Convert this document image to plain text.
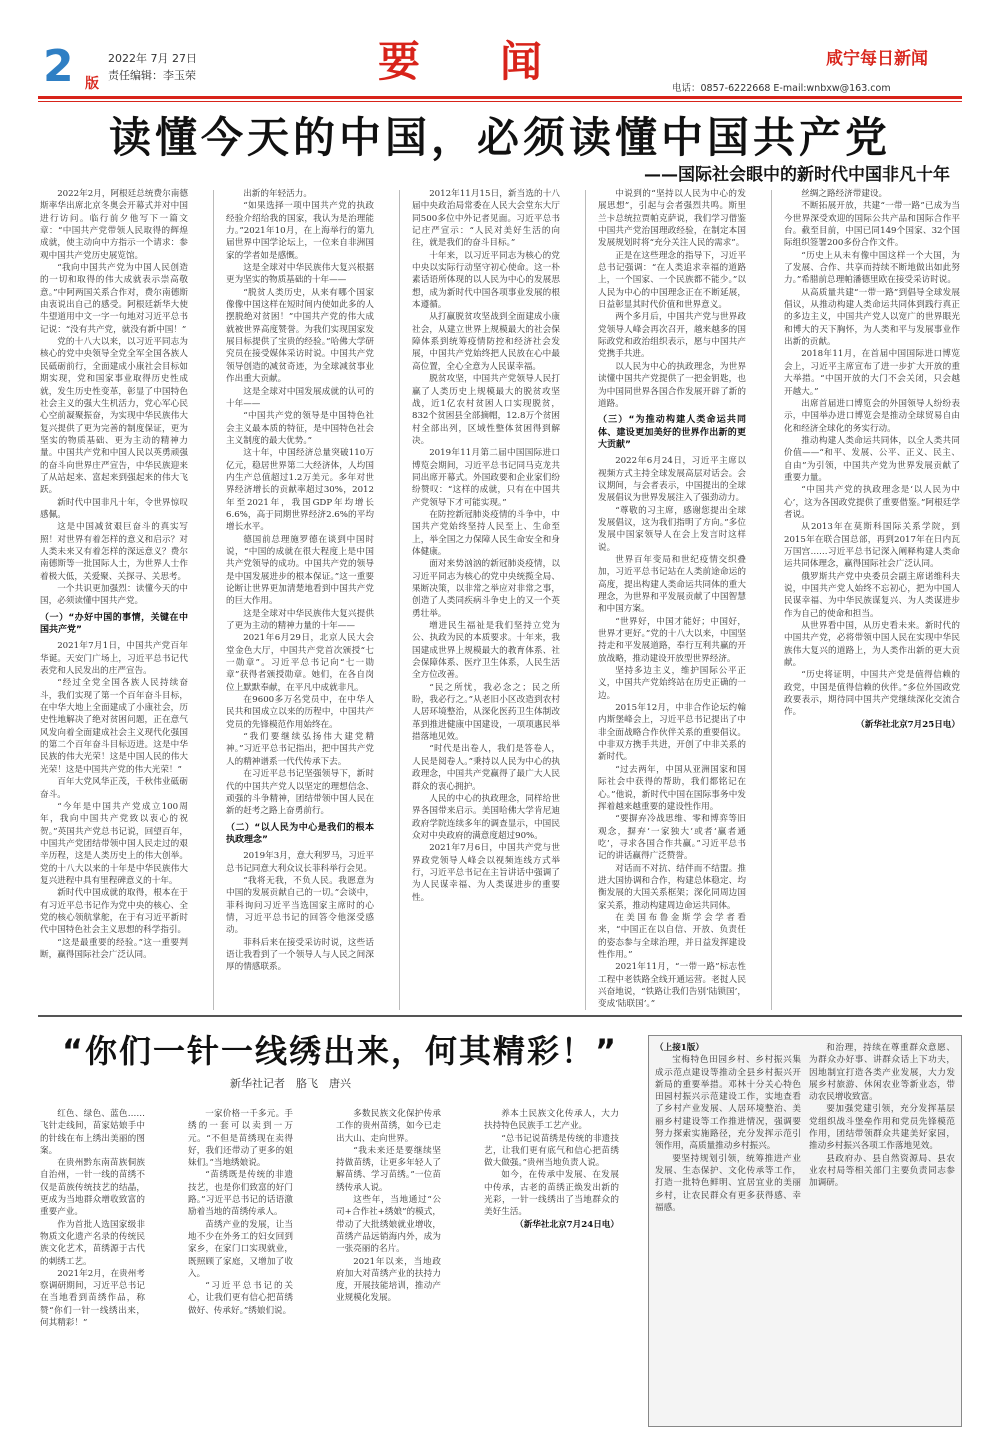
2 版
2022年 7月 27日
责任编辑：李玉荣	要闻	咸宁每日新闻
电话：0857-6222668 E-mail:wnbxw@163.com
读懂今天的中国，必须读懂中国共产党
——国际社会眼中的新时代中国非凡十年

2022年2月，阿根廷总统费尔南德斯率华出席北京冬奥会开幕式并对中国进行访问。临行前夕他写下一篇文章：“中国共产党带领人民取得的辉煌成就，使主动向中方指示一个请求：参观中国共产党历史展览馆。

“我向中国共产党为中国人民创造的一切和取得的伟大成就表示崇高敬意。”中阿两国关系合作对，费尔南德斯由衷说出自己的感受。阿根廷新华大使牛望道用中文一字一句地对习近平总书记说：“没有共产党，就没有新中国！”

党的十八大以来，以习近平同志为核心的党中央领导全党全军全国各族人民砥砺前行，全面建成小康社会目标如期实现，党和国家事业取得历史性成就，发生历史性变革，彰显了中国特色社会主义的强大生机活力，党心军心民心空前凝聚振奋，为实现中华民族伟大复兴提供了更为完善的制度保证，更为坚实的物质基础、更为主动的精神力量。中国共产党和中国人民以英勇顽强的奋斗向世界庄严宣告，中华民族迎来了从站起来、富起来到强起来的伟大飞跃。

新时代中国非凡十年，令世界惊叹感佩。

这是中国减贫艰巨奋斗的真实写照！对世界有着怎样的意义和启示？对人类未来又有着怎样的深远意义？费尔南德斯等一批国际人士，为世界人士作着极大低，关爱聚、关探寻、关思考。

一个共识更加强烈：读懂今天的中国，必须读懂中国共产党。

（一）“办好中国的事情，关键在中国共产党”

2021年7月1日，中国共产党百年华诞。天安门广场上，习近平总书记代表党和人民发出的庄严宣告。

“经过全党全国各族人民持续奋斗，我们实现了第一个百年奋斗目标，在中华大地上全面建成了小康社会，历史性地解决了绝对贫困问题，正在意气风发向着全面建成社会主义现代化强国的第二个百年奋斗目标迈进。这是中华民族的伟大光荣！这是中国人民的伟大光荣！这是中国共产党的伟大光荣！”

百年大党风华正茂，千秋伟业砥砺奋斗。

“今年是中国共产党成立100周年，我向中国共产党致以衷心的祝贺。”英国共产党总书记说，回望百年，中国共产党团结带领中国人民走过的艰辛历程，这是人类历史上的伟大创举。党的十八大以来的十年是中华民族伟大复兴进程中具有里程碑意义的十年。

新时代中国成就的取得，根本在于有习近平总书记作为党中央的核心、全党的核心领航掌舵，在于有习近平新时代中国特色社会主义思想的科学指引。

“这是最重要的经验。”这一重要判断，赢得国际社会广泛认同。

出新的年轻活力。

“如果选择一项中国共产党的执政经验介绍给我的国家，我认为是治理能力。”2021年10月，在上海举行的第九届世界中国学论坛上，一位来自非洲国家的学者如是感慨。

这是全球对中华民族伟大复兴根据更为坚实的物质基础的十年——

“脱贫人类历史，从来有哪个国家像像中国这样在短时间内使如此多的人摆脱绝对贫困！”中国共产党的伟大成就被世界高度赞誉。为我们实现国家发展目标提供了宝贵的经验。”哈佛大学研究员在接受媒体采访时说。中国共产党领导创造的减贫奇迹，为全球减贫事业作出重大贡献。

这是全球对中国发展成就的认可的十年——

“中国共产党的领导是中国特色社会主义最本质的特征，是中国特色社会主义制度的最大优势。”

这十年，中国经济总量突破110万亿元，稳居世界第二大经济体，人均国内生产总值超过1.2万美元。多年对世界经济增长的贡献率超过30%，2012年至2021年，我国GDP年均增长6.6%，高于同期世界经济2.6%的平均增长水平。

德国前总理施罗德在谈到中国时说，“中国的成就在很大程度上是中国共产党领导的成功。中国共产党的领导是中国发展进步的根本保证。”这一重要论断让世界更加清楚地看到中国共产党的巨大作用。

这是全球对中华民族伟大复兴提供了更为主动的精神力量的十年——

2021年6月29日，北京人民大会堂金色大厅，中国共产党首次颁授“七一勋章”。习近平总书记向“七一勋章”获得者颁授勋章。她们，在各自岗位上默默奉献，在平凡中成就非凡。

在9600多万名党员中，在中华人民共和国成立以来的历程中，中国共产党员的先锋模范作用始终在。

“我们要继续弘扬伟大建党精神。”习近平总书记指出，把中国共产党人的精神谱系一代代传承下去。

在习近平总书记坚强领导下，新时代的中国共产党人以坚定的理想信念、顽强的斗争精神，团结带领中国人民在新的赶考之路上奋勇前行。

（二）“以人民为中心是我们的根本执政理念”

2019年3月，意大利罗马，习近平总书记同意大利众议长菲科举行会见。

“我将无我，不负人民。我愿意为中国的发展贡献自己的一切。”会谈中，菲科询问习近平当选国家主席时的心情，习近平总书记的回答令他深受感动。

菲科后来在接受采访时说，这些话语让我看到了一个领导人与人民之间深厚的情感联系。

2012年11月15日，新当选的十八届中央政治局常委在人民大会堂东大厅同500多位中外记者见面。习近平总书记庄严宣示：“人民对美好生活的向往，就是我们的奋斗目标。”

十年来，以习近平同志为核心的党中央以实际行动坚守初心使命。这一朴素话语所体现的以人民为中心的发展思想，成为新时代中国各项事业发展的根本遵循。

从打赢脱贫攻坚战到全面建成小康社会，从建立世界上规模最大的社会保障体系到统筹疫情防控和经济社会发展，中国共产党始终把人民放在心中最高位置，全心全意为人民谋幸福。

脱贫攻坚，中国共产党领导人民打赢了人类历史上规模最大的脱贫攻坚战，近1亿农村贫困人口实现脱贫，832个贫困县全部摘帽，12.8万个贫困村全部出列，区域性整体贫困得到解决。

2019年11月第二届中国国际进口博览会期间，习近平总书记同马克龙共同出席开幕式。外国政要和企业家们纷纷赞叹：“这样的成就，只有在中国共产党领导下才可能实现。”

在防控新冠肺炎疫情的斗争中，中国共产党始终坚持人民至上、生命至上，举全国之力保障人民生命安全和身体健康。

面对来势汹汹的新冠肺炎疫情，以习近平同志为核心的党中央统揽全局、果断决策，以非常之举应对非常之事，创造了人类同疾病斗争史上的又一个英勇壮举。

增进民生福祉是我们坚持立党为公、执政为民的本质要求。十年来，我国建成世界上规模最大的教育体系、社会保障体系、医疗卫生体系，人民生活全方位改善。

“民之所忧，我必念之；民之所盼，我必行之。”从老旧小区改造到农村人居环境整治，从深化医药卫生体制改革到推进健康中国建设，一项项惠民举措落地见效。

“时代是出卷人，我们是答卷人，人民是阅卷人。”秉持以人民为中心的执政理念，中国共产党赢得了最广大人民群众的衷心拥护。

人民的中心的执政理念，同样给世界各国带来启示。美国哈佛大学肯尼迪政府学院连续多年的调查显示，中国民众对中央政府的满意度超过90%。

2021年7月6日，中国共产党与世界政党领导人峰会以视频连线方式举行，习近平总书记在主旨讲话中强调了为人民谋幸福、为人类谋进步的重要性。

中说到的“坚持以人民为中心的发展思想”，引起与会者强烈共鸣。斯里兰卡总统拉贾帕克萨说，我们学习借鉴中国共产党治国理政经验，在制定本国发展规划时将“充分关注人民的需求”。

正是在这些理念的指导下，习近平总书记强调：“在人类追求幸福的道路上，一个国家、一个民族都不能少。”以人民为中心的中国理念正在不断延展，日益彰显其时代价值和世界意义。

两个多月后，中国共产党与世界政党领导人峰会再次召开，越来越多的国际政党和政治组织表示，愿与中国共产党携手共进。

以人民为中心的执政理念，为世界读懂中国共产党提供了一把金钥匙，也为中国同世界各国合作发展开辟了新的道路。

（三）“为推动构建人类命运共同体、建设更加美好的世界作出新的更大贡献”

2022年6月24日，习近平主席以视频方式主持全球发展高层对话会。会议期间，与会者表示，中国提出的全球发展倡议为世界发展注入了强劲动力。

“尊敬的习主席，感谢您提出全球发展倡议，这为我们指明了方向。”多位发展中国家领导人在会上发言时这样说。

世界百年变局和世纪疫情交织叠加，习近平总书记站在人类前途命运的高度，提出构建人类命运共同体的重大理念，为世界和平发展贡献了中国智慧和中国方案。

“世界好，中国才能好；中国好，世界才更好。”党的十八大以来，中国坚持走和平发展道路，奉行互利共赢的开放战略，推动建设开放型世界经济。

坚持多边主义，维护国际公平正义，中国共产党始终站在历史正确的一边。

2015年12月，中非合作论坛约翰内斯堡峰会上，习近平总书记提出了中非全面战略合作伙伴关系的重要倡议。中非双方携手共进，开创了中非关系的新时代。

“过去两年，中国从亚洲国家和国际社会中获得的帮助，我们都铭记在心。”他说，新时代中国在国际事务中发挥着越来越重要的建设性作用。

“要摒弃冷战思维、零和博弈等旧观念，摒弃‘一家独大’或者‘赢者通吃’，寻求各国合作共赢。”习近平总书记的讲话赢得广泛赞誉。

对话而不对抗、结伴而不结盟。推进大国协调和合作，构建总体稳定、均衡发展的大国关系框架；深化同周边国家关系，推动构建周边命运共同体。

在美国布鲁金斯学会学者看来，“中国正在以自信、开放、负责任的姿态参与全球治理，并日益发挥建设性作用。”

2021年11月，“一带一路”标志性工程中老铁路全线开通运营。老挝人民兴奋地说，“铁路让我们告别‘陆锁国’，变成‘陆联国’。”

丝绸之路经济带建设。

不断拓展开放，共建“一带一路”已成为当今世界深受欢迎的国际公共产品和国际合作平台。截至目前，中国已同149个国家、32个国际组织签署200多份合作文件。

“历史上从未有像中国这样一个大国，为了发展、合作、共享而持续不断地做出如此努力。”希腊前总理帕潘德里欧在接受采访时说。

从高质量共建“一带一路”到倡导全球发展倡议，从推动构建人类命运共同体到践行真正的多边主义，中国共产党人以宽广的世界眼光和博大的天下胸怀，为人类和平与发展事业作出新的贡献。

2018年11月，在首届中国国际进口博览会上，习近平主席宣布了进一步扩大开放的重大举措。“中国开放的大门不会关闭，只会越开越大。”

出席首届进口博览会的外国领导人纷纷表示，中国举办进口博览会是推动全球贸易自由化和经济全球化的务实行动。

推动构建人类命运共同体，以全人类共同价值——“和平、发展、公平、正义、民主、自由”为引领，中国共产党为世界发展贡献了重要力量。

“中国共产党的执政理念是‘以人民为中心’，这为各国政党提供了重要借鉴。”阿根廷学者说。

从2013年在莫斯科国际关系学院，到2015年在联合国总部，再到2017年在日内瓦万国宫……习近平总书记深入阐释构建人类命运共同体理念，赢得国际社会广泛认同。

俄罗斯共产党中央委员会副主席诺维科夫说，中国共产党人始终不忘初心，把为中国人民谋幸福、为中华民族谋复兴、为人类谋进步作为自己的使命和担当。

从世界看中国，从历史看未来。新时代的中国共产党，必将带领中国人民在实现中华民族伟大复兴的道路上，为人类作出新的更大贡献。

“历史将证明，中国共产党是值得信赖的政党，中国是值得信赖的伙伴。”多位外国政党政要表示，期待同中国共产党继续深化交流合作。

（新华社北京7月25日电）

“你们一针一线绣出来，何其精彩！”
新华社记者　胳飞　唐兴

红色、绿色、蓝色……飞针走线间，苗家姑娘手中的针线在布上绣出美丽的图案。

在贵州黔东南苗族侗族自治州，一针一线的苗绣不仅是苗族传统技艺的结晶，更成为当地群众增收致富的重要产业。

作为首批人选国家级非物质文化遗产名录的传统民族文化艺术，苗绣源于古代的刺绣工艺。

2021年2月，在贵州考察调研期间，习近平总书记在当地看到苗绣作品，称赞“你们一针一线绣出来，何其精彩！”

一家价格一千多元。手绣的一套可以卖到一万元。“不但是苗绣现在卖得好，我们还带动了更多的姐妹们。”当地绣娘说。

“苗绣既是传统的非遗技艺，也是你们致富的好门路。”习近平总书记的话语激励着当地的苗绣传承人。

苗绣产业的发展，让当地不少在外务工的妇女回到家乡，在家门口实现就业，既照顾了家庭，又增加了收入。

“习近平总书记的关心，让我们更有信心把苗绣做好、传承好。”绣娘们说。

多数民族文化保护传承工作的贵州苗绣，如今已走出大山、走向世界。

“我未来还是要继续坚持做苗绣，让更多年轻人了解苗绣、学习苗绣。”一位苗绣传承人说。

这些年，当地通过“公司+合作社+绣娘”的模式，带动了大批绣娘就业增收，苗绣产品远销海内外，成为一张亮丽的名片。

2021年以来，当地政府加大对苗绣产业的扶持力度，开展技能培训，推动产业规模化发展。

养本土民族文化传承人，大力扶持特色民族手工艺产业。

“总书记说苗绣是传统的非遗技艺，让我们更有底气和信心把苗绣做大做强。”贵州当地负责人说。

如今，在传承中发展、在发展中传承，古老的苗绣正焕发出新的光彩，一针一线绣出了当地群众的美好生活。

（新华社北京7月24日电）

（上接1版）

宝梅特色田园乡村、乡村振兴集成示范点建设等推动全县乡村振兴开新局的重要举措。邓林十分关心特色田园村振兴示范建设工作，实地查看了乡村产业发展、人居环境整治、美丽乡村建设等工作推进情况，强调要努力探索实施路径，充分发挥示范引领作用，高质量推动乡村振兴。

要坚持规划引领，统筹推进产业发展、生态保护、文化传承等工作，打造一批特色鲜明、宜居宜业的美丽乡村，让农民群众有更多获得感、幸福感。

和治理，持续在尊重群众意愿、为群众办好事、讲群众话上下功夫，因地制宜打造各类产业发展，大力发展乡村旅游、休闲农业等新业态，带动农民增收致富。

要加强党建引领，充分发挥基层党组织战斗堡垒作用和党员先锋模范作用，团结带领群众共建美好家园，推动乡村振兴各项工作落地见效。

县政府办、县自然资源局、县农业农村局等相关部门主要负责同志参加调研。
